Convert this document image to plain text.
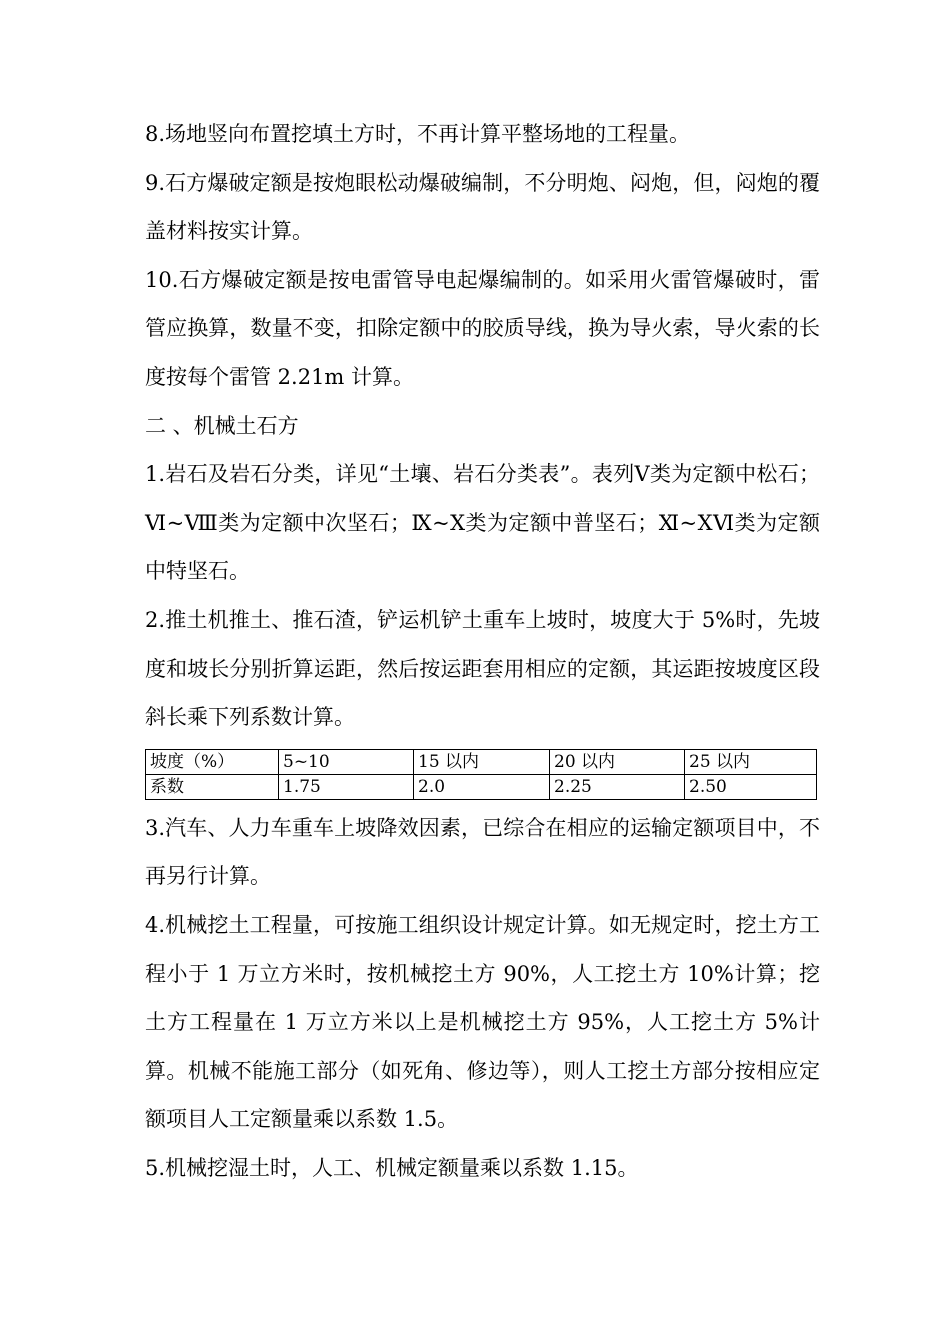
8.场地竖向布置挖填土方时，不再计算平整场地的工程量。

9.石方爆破定额是按炮眼松动爆破编制，不分明炮、闷炮，但，闷炮的覆盖材料按实计算。

10.石方爆破定额是按电雷管导电起爆编制的。如采用火雷管爆破时，雷管应换算，数量不变，扣除定额中的胶质导线，换为导火索，导火索的长度按每个雷管 2.21m 计算。

二 、机械土石方

1.岩石及岩石分类，详见“土壤、岩石分类表”。表列Ⅴ类为定额中松石；Ⅵ~Ⅷ类为定额中次坚石；Ⅸ~Ⅹ类为定额中普坚石；Ⅺ~ⅩⅥ类为定额中特坚石。

2.推土机推土、推石渣，铲运机铲土重车上坡时，坡度大于 5%时，先坡度和坡长分别折算运距，然后按运距套用相应的定额，其运距按坡度区段斜长乘下列系数计算。

坡度（%）	5~10	15 以内	20 以内	25 以内
系数	1.75	2.0	2.25	2.50

3.汽车、人力车重车上坡降效因素，已综合在相应的运输定额项目中，不再另行计算。

4.机械挖土工程量，可按施工组织设计规定计算。如无规定时，挖土方工程小于 1 万立方米时，按机械挖土方 90%，人工挖土方 10%计算；挖土方工程量在 1 万立方米以上是机械挖土方 95%，人工挖土方 5%计算。机械不能施工部分（如死角、修边等），则人工挖土方部分按相应定额项目人工定额量乘以系数 1.5。

5.机械挖湿土时，人工、机械定额量乘以系数 1.15。
